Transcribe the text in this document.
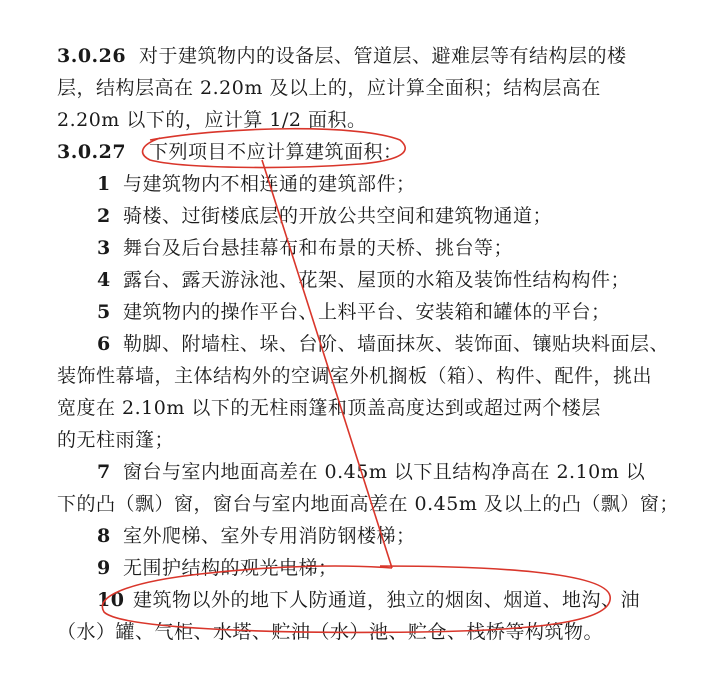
3.0.26 对于建筑物内的设备层、管道层、避难层等有结构层的楼
层，结构层高在 2.20m 及以上的，应计算全面积；结构层高在
2.20m 以下的，应计算 1/2 面积。
3.0.27 下列项目不应计算建筑面积：
1 与建筑物内不相连通的建筑部件；
2 骑楼、过街楼底层的开放公共空间和建筑物通道；
3 舞台及后台悬挂幕布和布景的天桥、挑台等；
4 露台、露天游泳池、花架、屋顶的水箱及装饰性结构构件；
5 建筑物内的操作平台、上料平台、安装箱和罐体的平台；
6 勒脚、附墙柱、垛、台阶、墙面抹灰、装饰面、镶贴块料面层、
装饰性幕墙，主体结构外的空调室外机搁板（箱）、构件、配件，挑出
宽度在 2.10m 以下的无柱雨篷和顶盖高度达到或超过两个楼层
的无柱雨篷；
7 窗台与室内地面高差在 0.45m 以下且结构净高在 2.10m 以
下的凸（飘）窗，窗台与室内地面高差在 0.45m 及以上的凸（飘）窗；
8 室外爬梯、室外专用消防钢楼梯；
9 无围护结构的观光电梯；
10 建筑物以外的地下人防通道，独立的烟囱、烟道、地沟、油
（水）罐、气柜、水塔、贮油（水）池、贮仓、栈桥等构筑物。
